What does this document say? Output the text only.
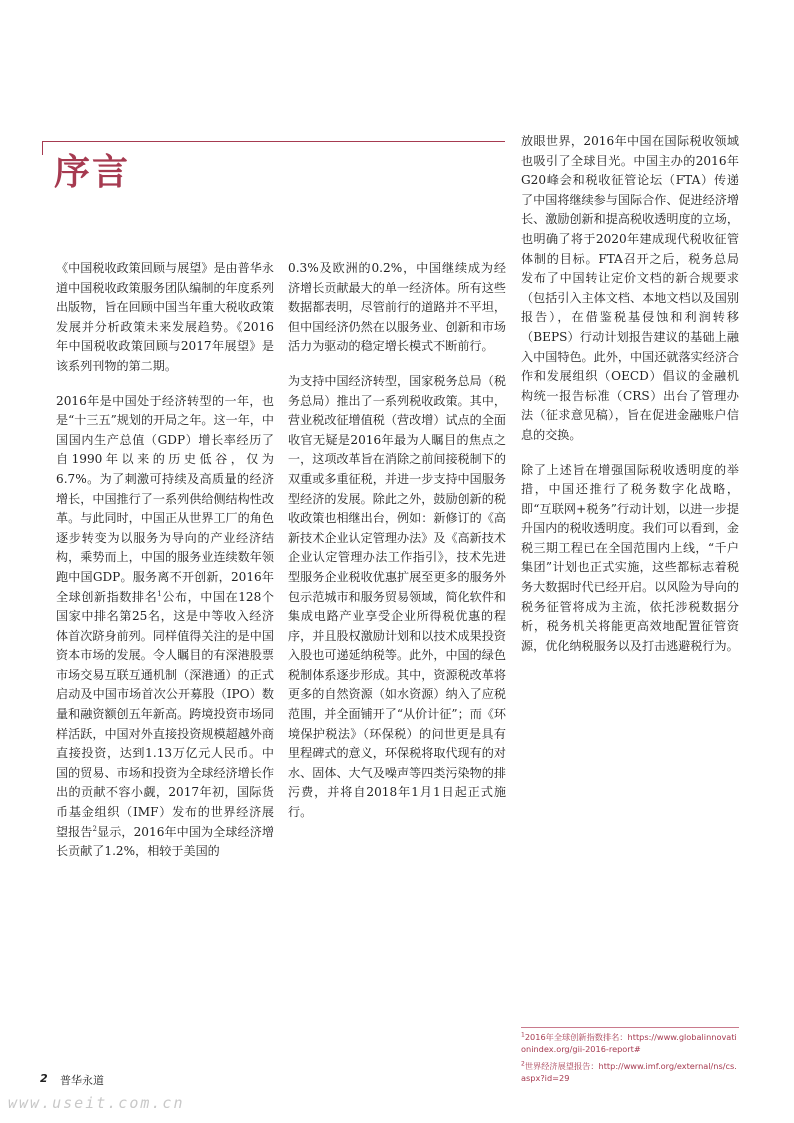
序言

《中国税收政策回顾与展望》是由普华永道中国税收政策服务团队编制的年度系列出版物，旨在回顾中国当年重大税收政策发展并分析政策未来发展趋势。《2016年中国税收政策回顾与2017年展望》是该系列刊物的第二期。

2016年是中国处于经济转型的一年，也是“十三五”规划的开局之年。这一年，中国国内生产总值（GDP）增长率经历了自1990年以来的历史低谷，仅为6.7%。为了刺激可持续及高质量的经济增长，中国推行了一系列供给侧结构性改革。与此同时，中国正从世界工厂的角色逐步转变为以服务为导向的产业经济结构，乘势而上，中国的服务业连续数年领跑中国GDP。服务离不开创新，2016年全球创新指数排名$^1$公布，中国在128个国家中排名第25名，这是中等收入经济体首次跻身前列。同样值得关注的是中国资本市场的发展。令人瞩目的有深港股票市场交易互联互通机制（深港通）的正式启动及中国市场首次公开募股（IPO）数量和融资额创五年新高。跨境投资市场同样活跃，中国对外直接投资规模超越外商直接投资，达到1.13万亿元人民币。中国的贸易、市场和投资为全球经济增长作出的贡献不容小觑，2017年初，国际货币基金组织（IMF）发布的世界经济展望报告$^2$显示，2016年中国为全球经济增长贡献了1.2%，相较于美国的

0.3%及欧洲的0.2%，中国继续成为经济增长贡献最大的单一经济体。所有这些数据都表明，尽管前行的道路并不平坦，但中国经济仍然在以服务业、创新和市场活力为驱动的稳定增长模式不断前行。

为支持中国经济转型，国家税务总局（税务总局）推出了一系列税收政策。其中，营业税改征增值税（营改增）试点的全面收官无疑是2016年最为人瞩目的焦点之一，这项改革旨在消除之前间接税制下的双重或多重征税，并进一步支持中国服务型经济的发展。除此之外，鼓励创新的税收政策也相继出台，例如：新修订的《高新技术企业认定管理办法》及《高新技术企业认定管理办法工作指引》，技术先进型服务企业税收优惠扩展至更多的服务外包示范城市和服务贸易领域，简化软件和集成电路产业享受企业所得税优惠的程序，并且股权激励计划和以技术成果投资入股也可递延纳税等。此外，中国的绿色税制体系逐步形成。其中，资源税改革将更多的自然资源（如水资源）纳入了应税范围，并全面铺开了“从价计征”；而《环境保护税法》（环保税）的问世更是具有里程碑式的意义，环保税将取代现有的对水、固体、大气及噪声等四类污染物的排污费，并将自2018年1月1日起正式施行。

放眼世界，2016年中国在国际税收领域也吸引了全球目光。中国主办的2016年G20峰会和税收征管论坛（FTA）传递了中国将继续参与国际合作、促进经济增长、激励创新和提高税收透明度的立场，也明确了将于2020年建成现代税收征管体制的目标。FTA召开之后，税务总局发布了中国转让定价文档的新合规要求（包括引入主体文档、本地文档以及国别报告），在借鉴税基侵蚀和利润转移（BEPS）行动计划报告建议的基础上融入中国特色。此外，中国还就落实经济合作和发展组织（OECD）倡议的金融机构统一报告标准（CRS）出台了管理办法（征求意见稿），旨在促进金融账户信息的交换。

除了上述旨在增强国际税收透明度的举措，中国还推行了税务数字化战略，即“互联网+税务”行动计划，以进一步提升国内的税收透明度。我们可以看到，金税三期工程已在全国范围内上线，“千户集团”计划也正式实施，这些都标志着税务大数据时代已经开启。以风险为导向的税务征管将成为主流，依托涉税数据分析，税务机关将能更高效地配置征管资源，优化纳税服务以及打击逃避税行为。

$^1$2016年全球创新指数排名：https://www.globalinnovationindex.org/gii-2016-report#
$^2$世界经济展望报告：http://www.imf.org/external/ns/cs.aspx?id=29
2 普华永道
www.useit.com.cn
